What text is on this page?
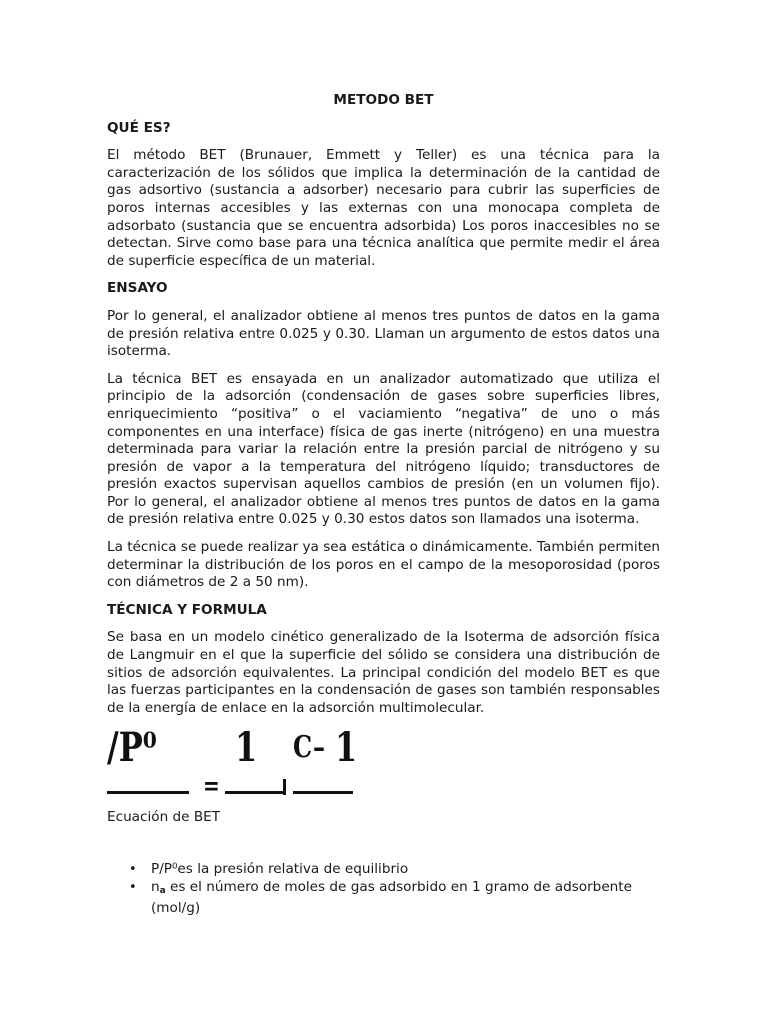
METODO BET
QUÉ ES?

El método BET (Brunauer, Emmett y Teller) es una técnica para la caracterización de los sólidos que implica la determinación de la cantidad de gas adsortivo (sustancia a adsorber) necesario para cubrir las superficies de poros internas accesibles y las externas con una monocapa completa de adsorbato (sustancia que se encuentra adsorbida) Los poros inaccesibles no se detectan. Sirve como base para una técnica analítica que permite medir el área de superficie específica de un material.

ENSAYO

Por lo general, el analizador obtiene al menos tres puntos de datos en la gama de presión relativa entre 0.025 y 0.30. Llaman un argumento de estos datos una isoterma.

La técnica BET es ensayada en un analizador automatizado que utiliza el principio de la adsorción (condensación de gases sobre superficies libres, enriquecimiento “positiva” o el vaciamiento “negativa” de uno o más componentes en una interface) física de gas inerte (nitrógeno) en una muestra determinada para variar la relación entre la presión parcial de nitrógeno y su presión de vapor a la temperatura del nitrógeno líquido; transductores de presión exactos supervisan aquellos cambios de presión (en un volumen fijo). Por lo general, el analizador obtiene al menos tres puntos de datos en la gama de presión relativa entre 0.025 y 0.30 estos datos son llamados una isoterma.

La técnica se puede realizar ya sea estática o dinámicamente. También permiten determinar la distribución de los poros en el campo de la mesoporosidad (poros con diámetros de 2 a 50 nm).

TÉCNICA Y FORMULA

Se basa en un modelo cinético generalizado de la Isoterma de adsorción física de Langmuir en el que la superficie del sólido se considera una distribución de sitios de adsorción equivalentes. La principal condición del modelo BET es que las fuerzas participantes en la condensación de gases son también responsables de la energía de enlace en la adsorción multimolecular.

/P⁰ 1 C – 1
=
Ecuación de BET
• P/P⁰es la presión relativa de equilibrio
• $n_a$ es el número de moles de gas adsorbido en 1 gramo de adsorbente (mol/g)
